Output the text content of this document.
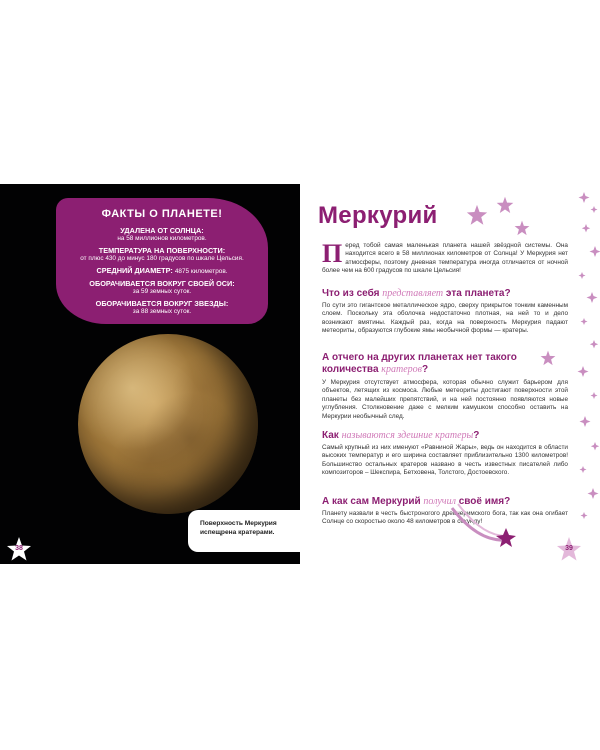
ФАКТЫ О ПЛАНЕТЕ!
УДАЛЕНА ОТ СОЛНЦА:
на 58 миллионов километров.
ТЕМПЕРАТУРА НА ПОВЕРХНОСТИ:
от плюс 430 до минус 180 градусов по шкале Цельсия.
СРЕДНИЙ ДИАМЕТР: 4875 километров.
ОБОРАЧИВАЕТСЯ ВОКРУГ СВОЕЙ ОСИ:
за 59 земных суток.
ОБОРАЧИВАЕТСЯ ВОКРУГ ЗВЕЗДЫ:
за 88 земных суток.
Поверхность Меркурия испещрена кратерами.
38
Меркурий
Перед тобой самая маленькая планета нашей звёздной системы. Она находится всего в 58 миллионах километров от Солнца! У Меркурия нет атмосферы, поэтому дневная температура иногда отличается от ночной более чем на 600 градусов по шкале Цельсия!
Что из себя представляет эта планета?
По сути это гигантское металлическое ядро, сверху прикрытое тонким каменным слоем. Поскольку эта оболочка недостаточно плотная, на ней то и дело возникают вмятины. Каждый раз, когда на поверхность Меркурия падают метеориты, образуются глубокие ямы необычной формы — кратеры.
А отчего на других планетах нет такого
количества кратеров?
У Меркурия отсутствует атмосфера, которая обычно служит барьером для объектов, летящих из космоса. Любые метеориты достигают поверхности этой планеты без малейших препятствий, и на ней постоянно появляются новые углубления. Столкновение даже с мелким камушком способно оставить на Меркурии необычный след.
Как называются здешние кратеры?
Самый крупный из них именуют «Равниной Жары», ведь он находится в области высоких температур и его ширина составляет приблизительно 1300 километров! Большинство остальных кратеров названо в честь известных писателей либо композиторов – Шекспира, Бетховена, Толстого, Достоевского.
А как сам Меркурий получил своё имя?
Планету назвали в честь быстроногого древнеримского бога, так как она огибает Солнце со скоростью около 48 километров в секунду!
39
